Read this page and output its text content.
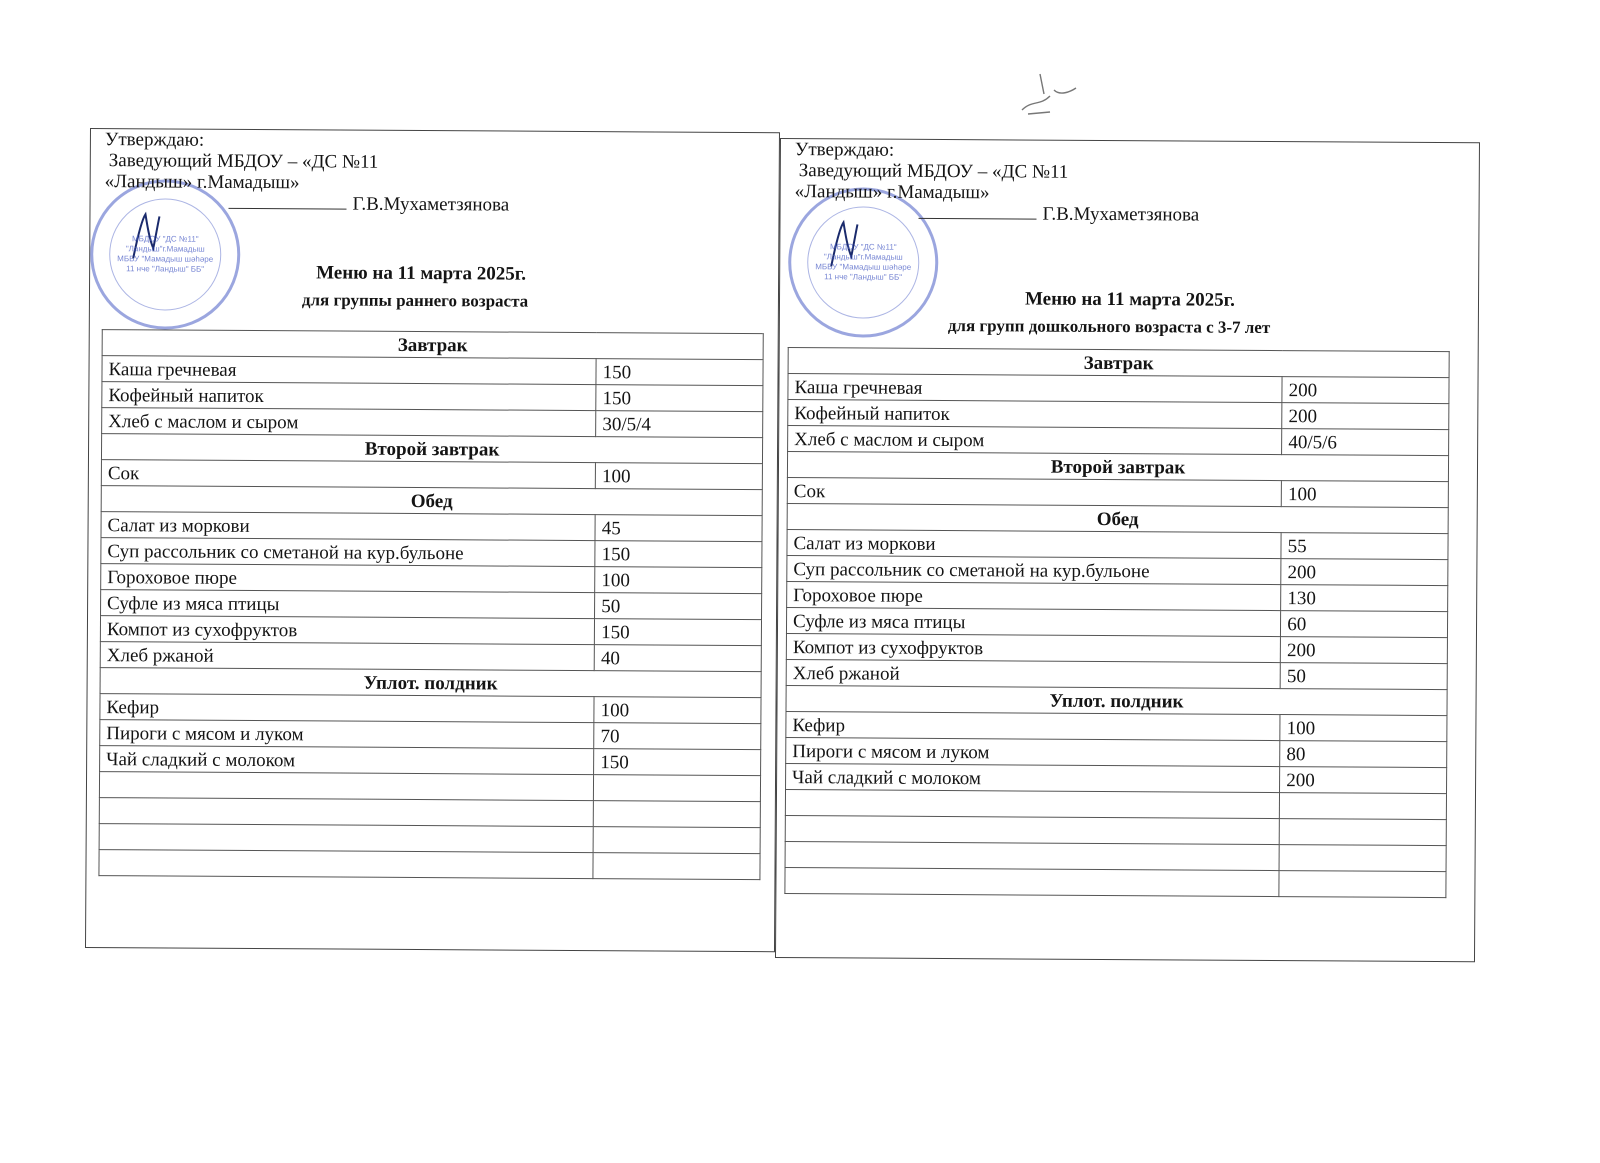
МБДОУ "ДС №11" "Ландыш"г.Мамадыш
МББУ "Мамадыш шәһәре 11 нче "Ландыш" ББ"
Утверждаю:
Заведующий МБДОУ – «ДС №11
«Ландыш» г.Мамадыш»
Г.В.Мухаметзянова
Меню на 11 марта 2025г.
для группы раннего возраста
Завтрак	
Каша гречневая	150
Кофейный напиток	150
Хлеб с маслом и сыром	30/5/4
Второй завтрак	
Сок	100
Обед	
Салат из моркови	45
Суп рассольник со сметаной на кур.бульоне	150
Гороховое пюре	100
Суфле из мяса птицы	50
Компот из сухофруктов	150
Хлеб ржаной	40
Уплот. полдник	
Кефир	100
Пироги с мясом и луком	70
Чай сладкий с молоком	150

МБДОУ "ДС №11" "Ландыш"г.Мамадыш
МББУ "Мамадыш шәһәре 11 нче "Ландыш" ББ"
Утверждаю:
Заведующий МБДОУ – «ДС №11
«Ландыш» г.Мамадыш»
Г.В.Мухаметзянова
Меню на 11 марта 2025г.
для групп дошкольного возраста с 3-7 лет
Завтрак	
Каша гречневая	200
Кофейный напиток	200
Хлеб с маслом и сыром	40/5/6
Второй завтрак	
Сок	100
Обед	
Салат из моркови	55
Суп рассольник со сметаной на кур.бульоне	200
Гороховое пюре	130
Суфле из мяса птицы	60
Компот из сухофруктов	200
Хлеб ржаной	50
Уплот. полдник	
Кефир	100
Пироги с мясом и луком	80
Чай сладкий с молоком	200
